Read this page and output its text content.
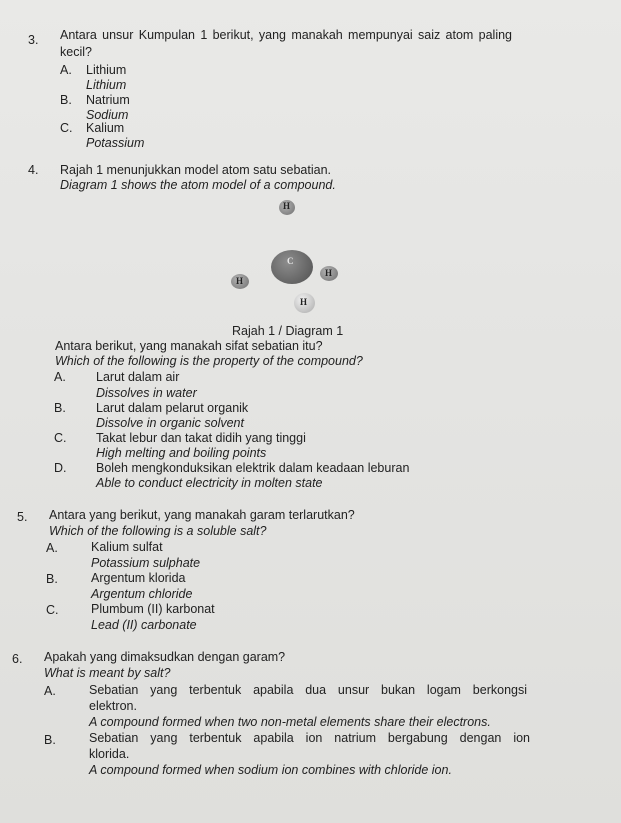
3. Antara unsur Kumpulan 1 berikut, yang manakah mempunyai saiz atom paling
kecil?
A. Lithium
Lithium
B. Natrium
Sodium
C. Kalium
Potassium
4. Rajah 1 menunjukkan model atom satu sebatian.
Diagram 1 shows the atom model of a compound.
H
C
H
H
H
Rajah 1 / Diagram 1
Antara berikut, yang manakah sifat sebatian itu?
Which of the following is the property of the compound?
A. Larut dalam air
Dissolves in water
B. Larut dalam pelarut organik
Dissolve in organic solvent
C. Takat lebur dan takat didih yang tinggi
High melting and boiling points
D. Boleh mengkonduksikan elektrik dalam keadaan leburan
Able to conduct electricity in molten state
5. Antara yang berikut, yang manakah garam terlarutkan?
Which of the following is a soluble salt?
A.	Kalium sulfat
Potassium sulphate
B.	Argentum klorida
Argentum chloride
C.	Plumbum (II) karbonat
Lead (II) carbonate
6. Apakah yang dimaksudkan dengan garam?
What is meant by salt?
A.	Sebatian yang terbentuk apabila dua unsur bukan logam berkongsi
elektron.
A compound formed when two non-metal elements share their electrons.
B.	Sebatian yang terbentuk apabila ion natrium bergabung dengan ion
klorida.
A compound formed when sodium ion combines with chloride ion.
